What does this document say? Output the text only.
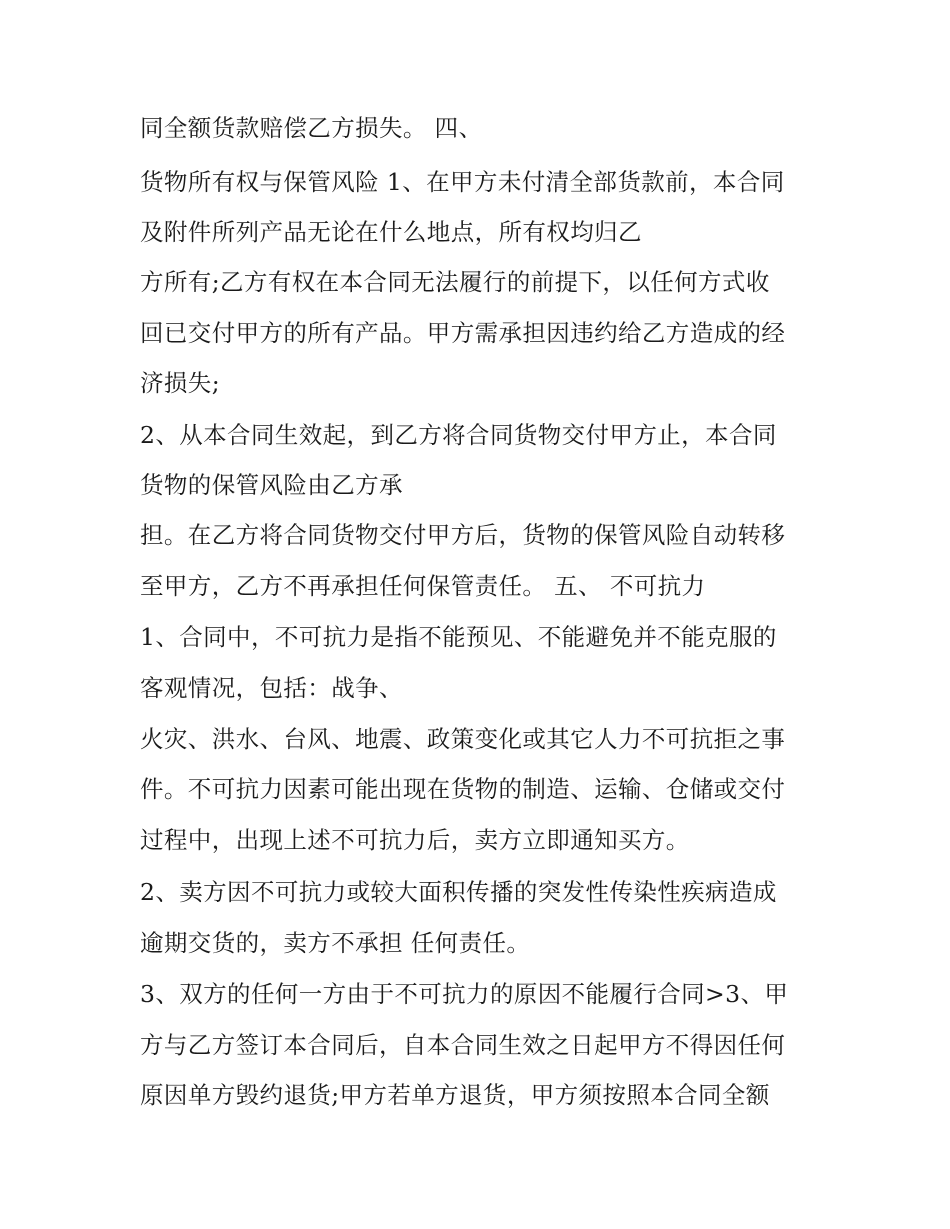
同全额货款赔偿乙方损失。 四、
货物所有权与保管风险 1、在甲方未付清全部货款前，本合同
及附件所列产品无论在什么地点，所有权均归乙
方所有;乙方有权在本合同无法履行的前提下，以任何方式收
回已交付甲方的所有产品。甲方需承担因违约给乙方造成的经
济损失;
2、从本合同生效起，到乙方将合同货物交付甲方止，本合同
货物的保管风险由乙方承
担。在乙方将合同货物交付甲方后，货物的保管风险自动转移
至甲方，乙方不再承担任何保管责任。 五、 不可抗力
1、合同中，不可抗力是指不能预见、不能避免并不能克服的
客观情况，包括：战争、
火灾、洪水、台风、地震、政策变化或其它人力不可抗拒之事
件。不可抗力因素可能出现在货物的制造、运输、仓储或交付
过程中，出现上述不可抗力后，卖方立即通知买方。
2、卖方因不可抗力或较大面积传播的突发性传染性疾病造成
逾期交货的，卖方不承担 任何责任。
3、双方的任何一方由于不可抗力的原因不能履行合同>3、甲
方与乙方签订本合同后，自本合同生效之日起甲方不得因任何
原因单方毁约退货;甲方若单方退货，甲方须按照本合同全额
